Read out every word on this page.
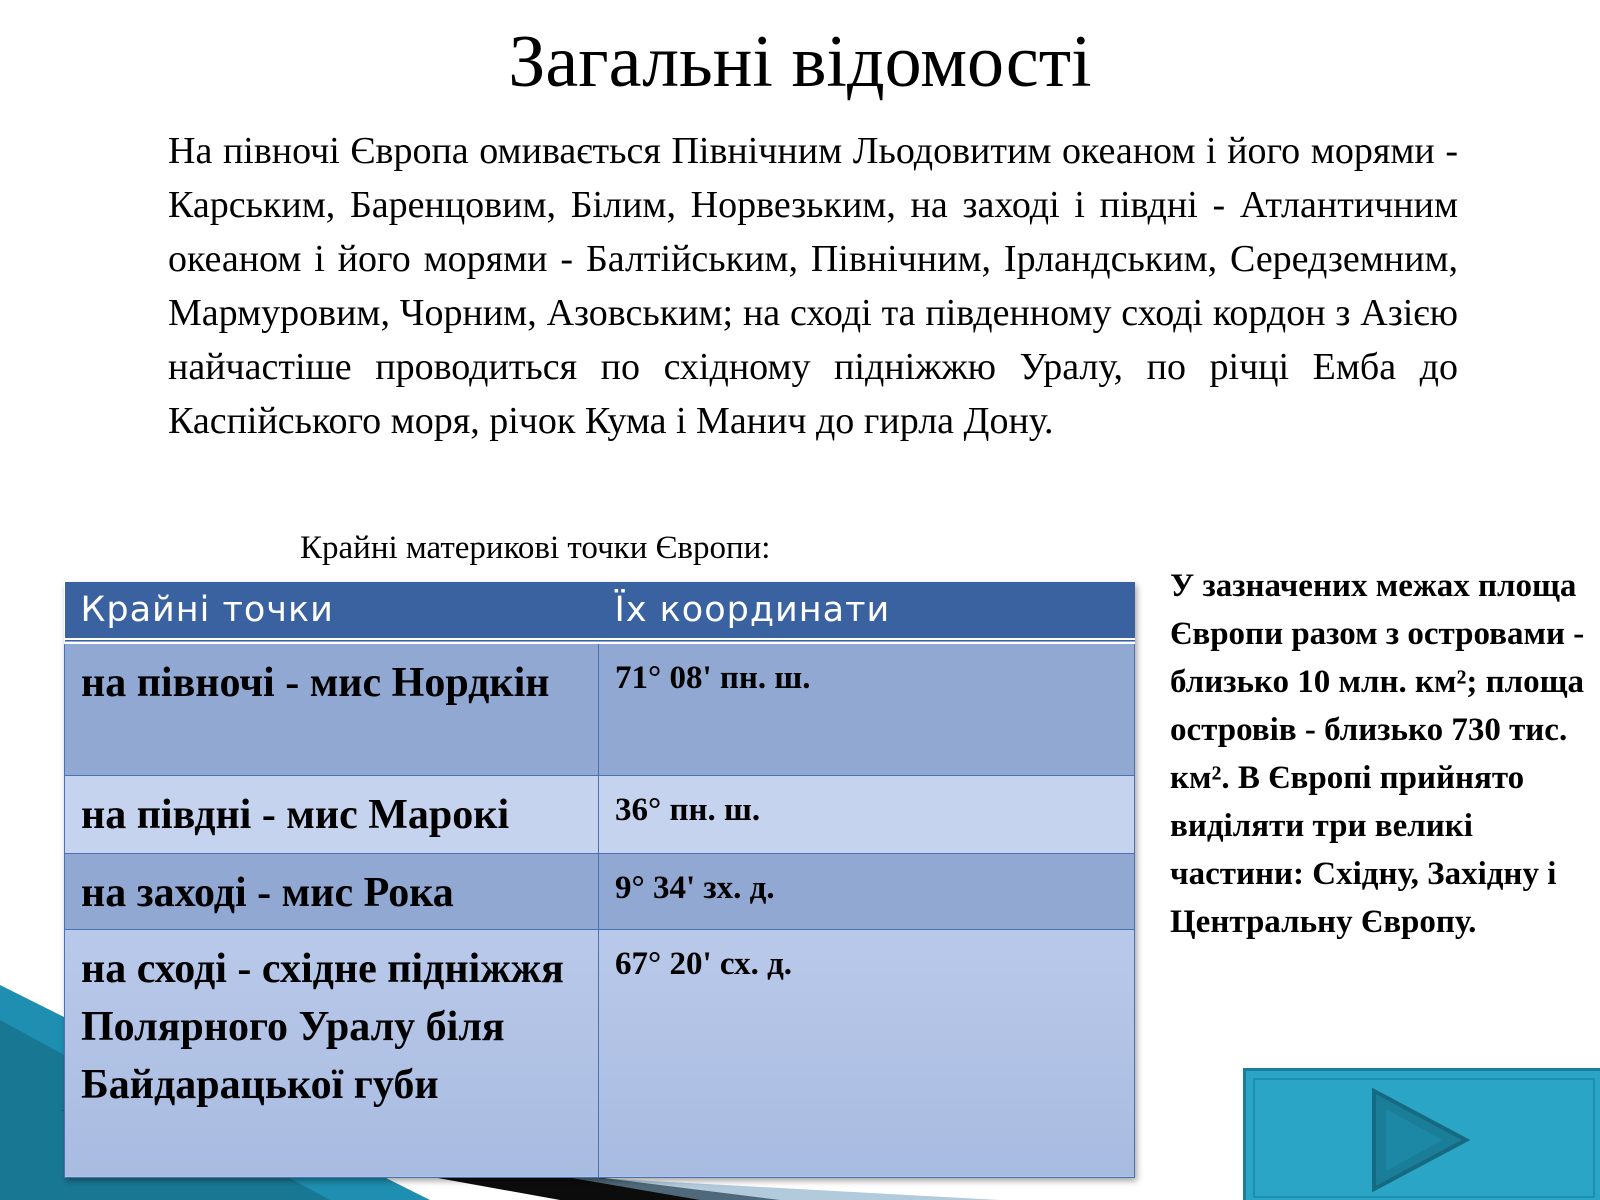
Загальні відомості
На півночі Європа омивається Північним Льодовитим океаном і його морями - Карським, Баренцовим, Білим, Норвезьким, на заході і півдні - Атлантичним океаном і його морями - Балтійським, Північним, Ірландським, Середземним, Мармуровим, Чорним, Азовським; на сході та південному сході кордон з Азією найчастіше проводиться по східному підніжжю Уралу, по річці Емба до Каспійського моря, річок Кума і Манич до гирла Дону.
Крайні материкові точки Європи:
Крайні точки	Їх координати
на півночі - мис Нордкін	71° 08' пн. ш.
на півдні - мис Марокі	36° пн. ш.
на заході - мис Рока	9° 34' зх. д.
на сході - східне підніжжя Полярного Уралу біля Байдарацької губи	67° 20' сх. д.
У зазначених межах площа Європи разом з островами - близько 10 млн. км²; площа островів - близько 730 тис. км². В Європі прийнято виділяти три великі частини: Східну, Західну і Центральну Європу.
